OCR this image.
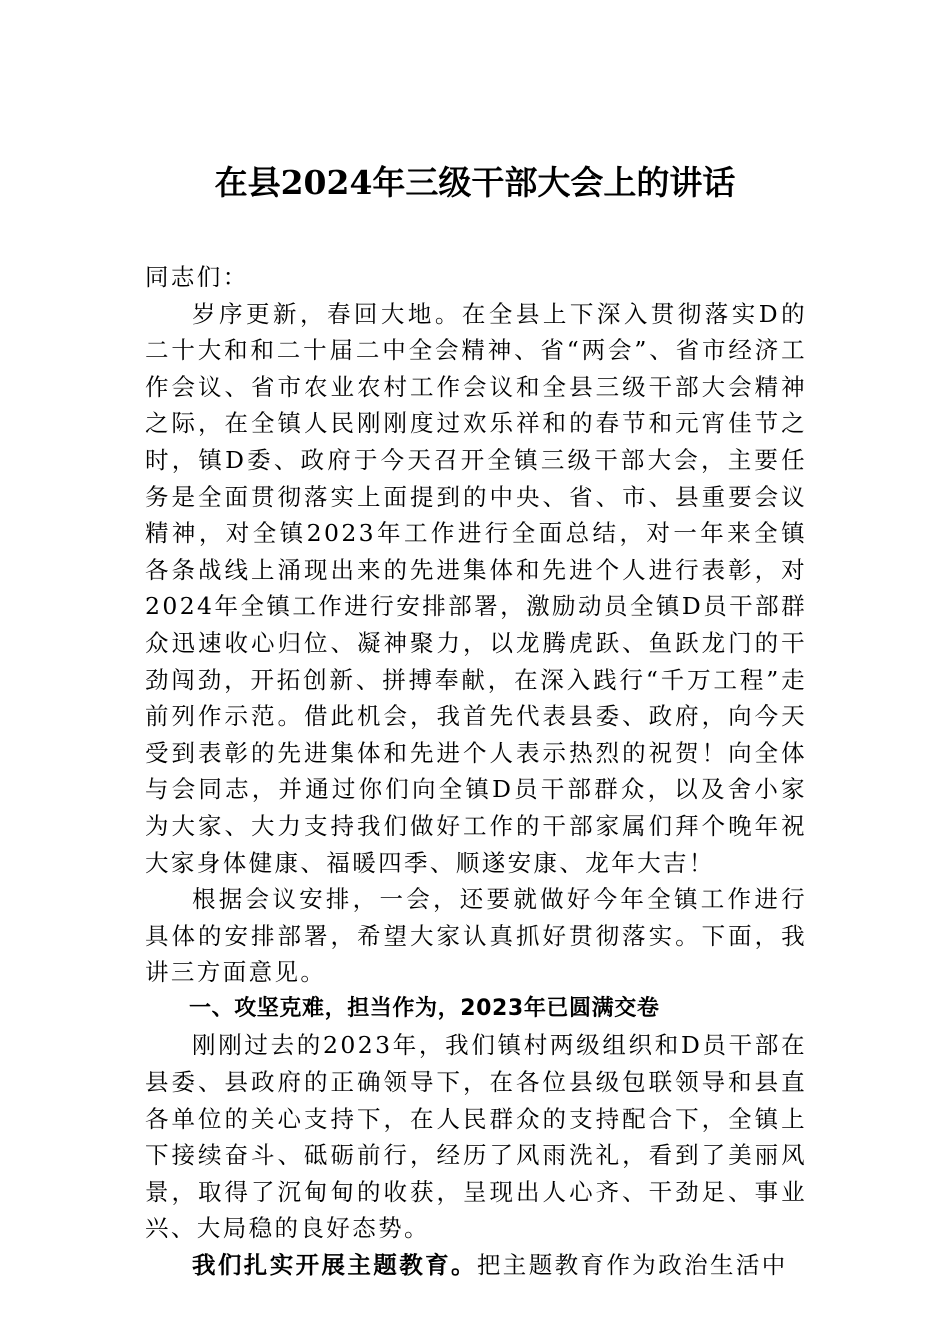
在县2024年三级干部大会上的讲话

同志们：

岁序更新，春回大地。在全县上下深入贯彻落实D的二十大和和二十届二中全会精神、省“两会”、省市经济工作会议、省市农业农村工作会议和全县三级干部大会精神之际，在全镇人民刚刚度过欢乐祥和的春节和元宵佳节之时，镇D委、政府于今天召开全镇三级干部大会，主要任务是全面贯彻落实上面提到的中央、省、市、县重要会议精神，对全镇2023年工作进行全面总结，对一年来全镇各条战线上涌现出来的先进集体和先进个人进行表彰，对2024年全镇工作进行安排部署，激励动员全镇D员干部群众迅速收心归位、凝神聚力，以龙腾虎跃、鱼跃龙门的干劲闯劲，开拓创新、拼搏奉献，在深入践行“千万工程”走前列作示范。借此机会，我首先代表县委、政府，向今天受到表彰的先进集体和先进个人表示热烈的祝贺！向全体与会同志，并通过你们向全镇D员干部群众，以及舍小家为大家、大力支持我们做好工作的干部家属们拜个晚年祝大家身体健康、福暖四季、顺遂安康、龙年大吉！

根据会议安排，一会，还要就做好今年全镇工作进行具体的安排部署，希望大家认真抓好贯彻落实。下面，我讲三方面意见。

一、攻坚克难，担当作为，2023年已圆满交卷

刚刚过去的2023年，我们镇村两级组织和D员干部在县委、县政府的正确领导下，在各位县级包联领导和县直各单位的关心支持下，在人民群众的支持配合下，全镇上下接续奋斗、砥砺前行，经历了风雨洗礼，看到了美丽风景，取得了沉甸甸的收获，呈现出人心齐、干劲足、事业兴、大局稳的良好态势。

我们扎实开展主题教育。把主题教育作为政治生活中
